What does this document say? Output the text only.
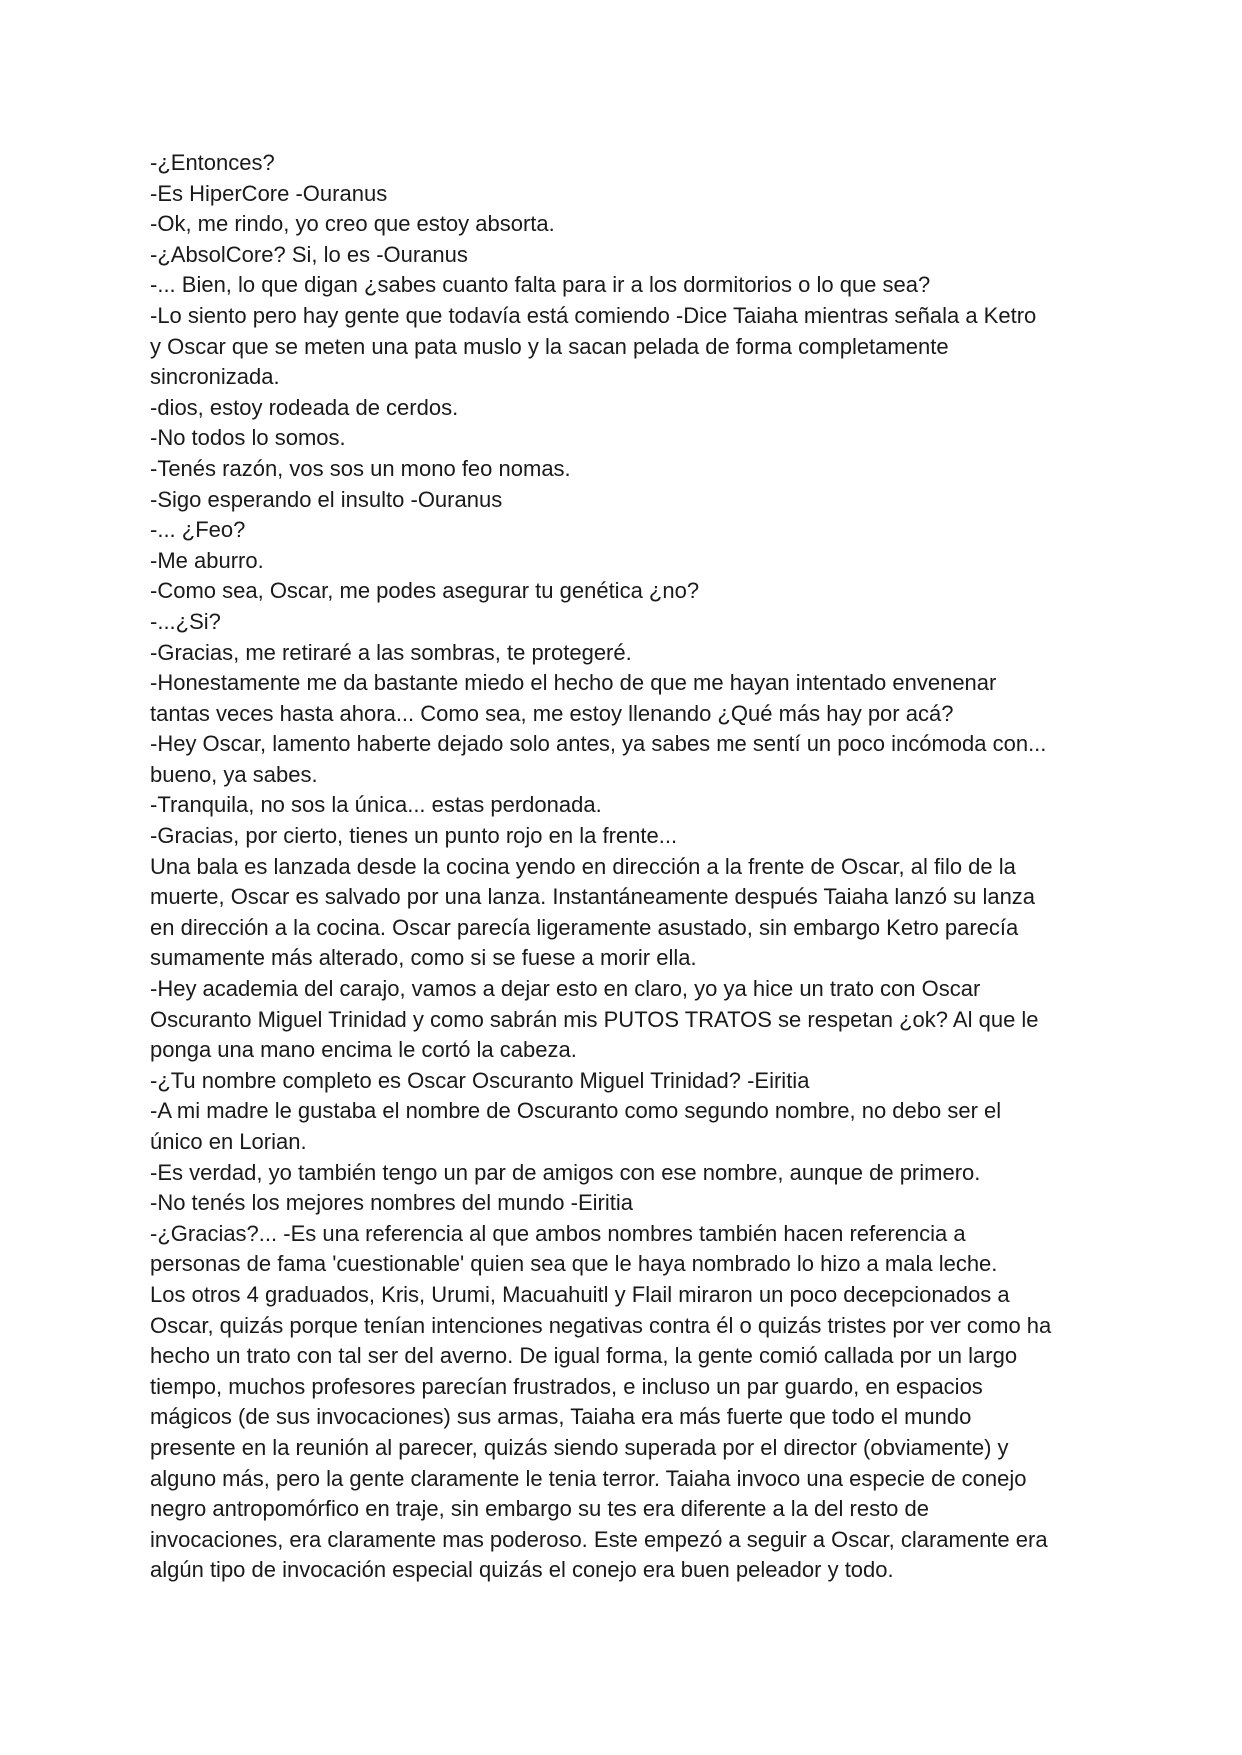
-¿Entonces?

-Es HiperCore -Ouranus

-Ok, me rindo, yo creo que estoy absorta.

-¿AbsolCore? Si, lo es -Ouranus

-... Bien, lo que digan ¿sabes cuanto falta para ir a los dormitorios o lo que sea?

-Lo siento pero hay gente que todavía está comiendo -Dice Taiaha mientras señala a Ketro
y Oscar que se meten una pata muslo y la sacan pelada de forma completamente
sincronizada.

-dios, estoy rodeada de cerdos.

-No todos lo somos.

-Tenés razón, vos sos un mono feo nomas.

-Sigo esperando el insulto -Ouranus

-... ¿Feo?

-Me aburro.

-Como sea, Oscar, me podes asegurar tu genética ¿no?

-...¿Si?

-Gracias, me retiraré a las sombras, te protegeré.

-Honestamente me da bastante miedo el hecho de que me hayan intentado envenenar
tantas veces hasta ahora... Como sea, me estoy llenando ¿Qué más hay por acá?

-Hey Oscar, lamento haberte dejado solo antes, ya sabes me sentí un poco incómoda con...
bueno, ya sabes.

-Tranquila, no sos la única... estas perdonada.

-Gracias, por cierto, tienes un punto rojo en la frente...

Una bala es lanzada desde la cocina yendo en dirección a la frente de Oscar, al filo de la
muerte, Oscar es salvado por una lanza. Instantáneamente después Taiaha lanzó su lanza
en dirección a la cocina. Oscar parecía ligeramente asustado, sin embargo Ketro parecía
sumamente más alterado, como si se fuese a morir ella.

-Hey academia del carajo, vamos a dejar esto en claro, yo ya hice un trato con Oscar
Oscuranto Miguel Trinidad y como sabrán mis PUTOS TRATOS se respetan ¿ok? Al que le
ponga una mano encima le cortó la cabeza.

-¿Tu nombre completo es Oscar Oscuranto Miguel Trinidad? -Eiritia

-A mi madre le gustaba el nombre de Oscuranto como segundo nombre, no debo ser el
único en Lorian.

-Es verdad, yo también tengo un par de amigos con ese nombre, aunque de primero.

-No tenés los mejores nombres del mundo -Eiritia

-¿Gracias?... -Es una referencia al que ambos nombres también hacen referencia a
personas de fama 'cuestionable' quien sea que le haya nombrado lo hizo a mala leche.

Los otros 4 graduados, Kris, Urumi, Macuahuitl y Flail miraron un poco decepcionados a
Oscar, quizás porque tenían intenciones negativas contra él o quizás tristes por ver como ha
hecho un trato con tal ser del averno. De igual forma, la gente comió callada por un largo
tiempo, muchos profesores parecían frustrados, e incluso un par guardo, en espacios
mágicos (de sus invocaciones) sus armas, Taiaha era más fuerte que todo el mundo
presente en la reunión al parecer, quizás siendo superada por el director (obviamente) y
alguno más, pero la gente claramente le tenia terror. Taiaha invoco una especie de conejo
negro antropomórfico en traje, sin embargo su tes era diferente a la del resto de
invocaciones, era claramente mas poderoso. Este empezó a seguir a Oscar, claramente era
algún tipo de invocación especial quizás el conejo era buen peleador y todo.
